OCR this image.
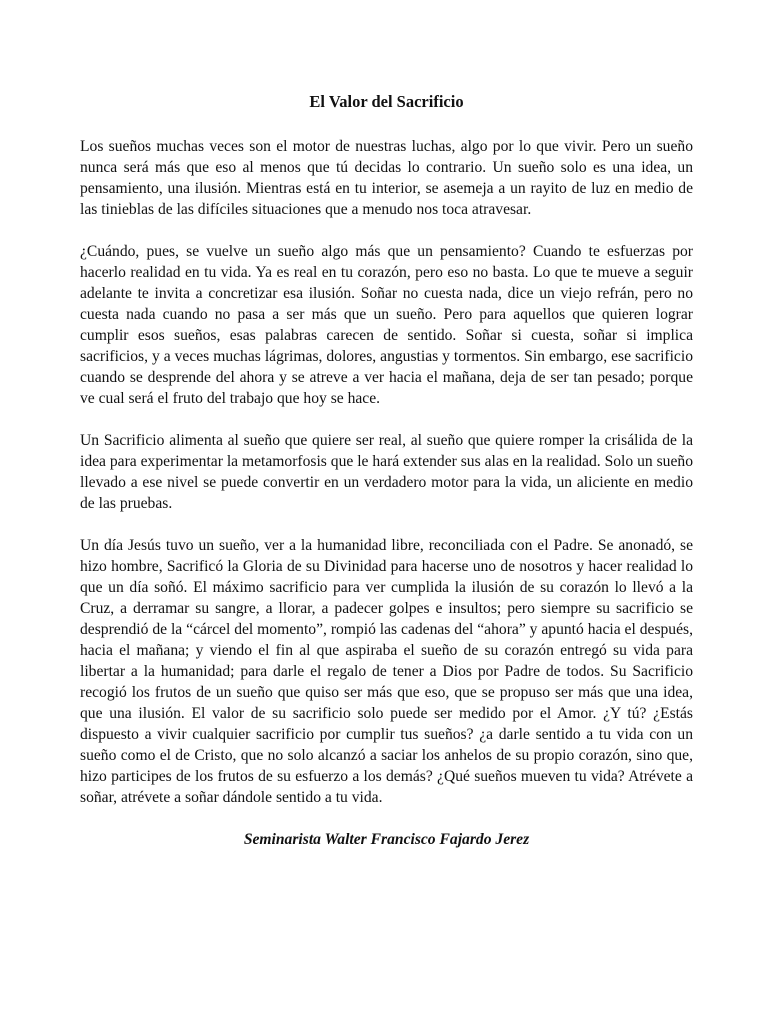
El Valor del Sacrificio

Los sueños muchas veces son el motor de nuestras luchas, algo por lo que vivir. Pero un sueño nunca será más que eso al menos que tú decidas lo contrario. Un sueño solo es una idea, un pensamiento, una ilusión. Mientras está en tu interior, se asemeja a un rayito de luz en medio de las tinieblas de las difíciles situaciones que a menudo nos toca atravesar.

¿Cuándo, pues, se vuelve un sueño algo más que un pensamiento? Cuando te esfuerzas por hacerlo realidad en tu vida. Ya es real en tu corazón, pero eso no basta. Lo que te mueve a seguir adelante te invita a concretizar esa ilusión. Soñar no cuesta nada, dice un viejo refrán, pero no cuesta nada cuando no pasa a ser más que un sueño. Pero para aquellos que quieren lograr cumplir esos sueños, esas palabras carecen de sentido. Soñar si cuesta, soñar si implica sacrificios, y a veces muchas lágrimas, dolores, angustias y tormentos. Sin embargo, ese sacrificio cuando se desprende del ahora y se atreve a ver hacia el mañana, deja de ser tan pesado; porque ve cual será el fruto del trabajo que hoy se hace.

Un Sacrificio alimenta al sueño que quiere ser real, al sueño que quiere romper la crisálida de la idea para experimentar la metamorfosis que le hará extender sus alas en la realidad. Solo un sueño llevado a ese nivel se puede convertir en un verdadero motor para la vida, un aliciente en medio de las pruebas.

Un día Jesús tuvo un sueño, ver a la humanidad libre, reconciliada con el Padre. Se anonadó, se hizo hombre, Sacrificó la Gloria de su Divinidad para hacerse uno de nosotros y hacer realidad lo que un día soñó. El máximo sacrificio para ver cumplida la ilusión de su corazón lo llevó a la Cruz, a derramar su sangre, a llorar, a padecer golpes e insultos; pero siempre su sacrificio se desprendió de la “cárcel del momento”, rompió las cadenas del “ahora” y apuntó hacia el después, hacia el mañana; y viendo el fin al que aspiraba el sueño de su corazón entregó su vida para libertar a la humanidad; para darle el regalo de tener a Dios por Padre de todos. Su Sacrificio recogió los frutos de un sueño que quiso ser más que eso, que se propuso ser más que una idea, que una ilusión. El valor de su sacrificio solo puede ser medido por el Amor. ¿Y tú? ¿Estás dispuesto a vivir cualquier sacrificio por cumplir tus sueños? ¿a darle sentido a tu vida con un sueño como el de Cristo, que no solo alcanzó a saciar los anhelos de su propio corazón, sino que, hizo participes de los frutos de su esfuerzo a los demás? ¿Qué sueños mueven tu vida? Atrévete a soñar, atrévete a soñar dándole sentido a tu vida.

Seminarista Walter Francisco Fajardo Jerez
